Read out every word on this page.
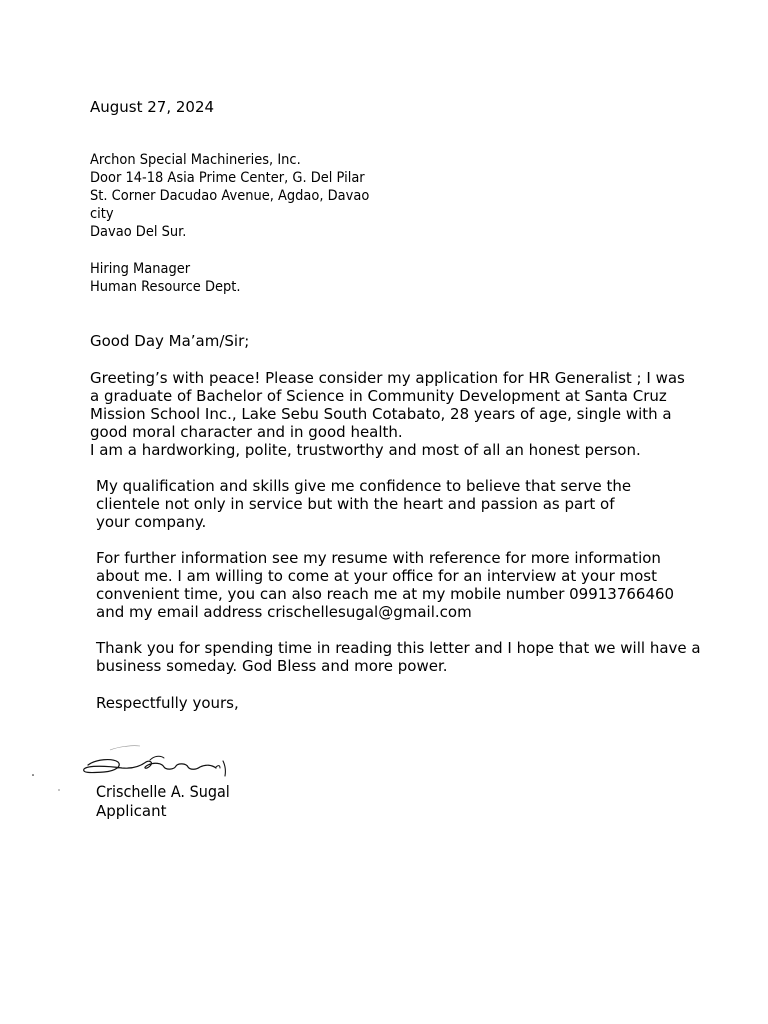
August 27, 2024

Archon Special Machineries, Inc.

Door 14-18 Asia Prime Center, G. Del Pilar

St. Corner Dacudao Avenue, Agdao, Davao

city

Davao Del Sur.

Hiring Manager

Human Resource Dept.

Good Day Ma’am/Sir;

Greeting’s with peace! Please consider my application for HR Generalist ; I was

a graduate of Bachelor of Science in Community Development at Santa Cruz

Mission School Inc., Lake Sebu South Cotabato, 28 years of age, single with a

good moral character and in good health.

I am a hardworking, polite, trustworthy and most of all an honest person.

My qualification and skills give me confidence to believe that serve the

clientele not only in service but with the heart and passion as part of

your company.

For further information see my resume with reference for more information

about me. I am willing to come at your office for an interview at your most

convenient time, you can also reach me at my mobile number 09913766460

and my email address crischellesugal@gmail.com

Thank you for spending time in reading this letter and I hope that we will have a

business someday. God Bless and more power.

Respectfully yours,

Crischelle A. Sugal

Applicant
